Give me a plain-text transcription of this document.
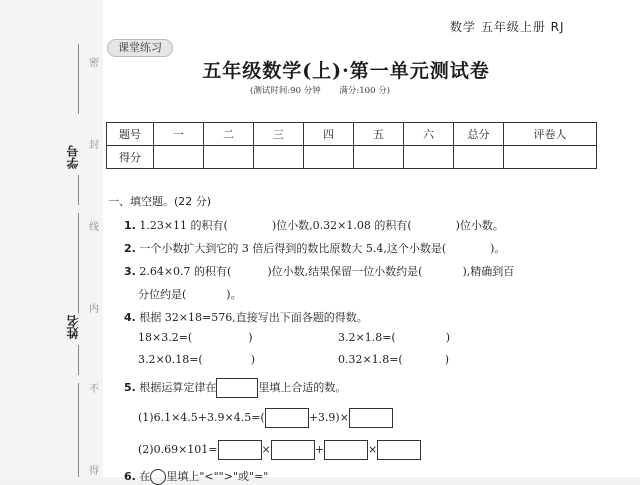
密
封
线
内
不
得
学号
姓名
数学 五年级上册 RJ
课堂练习
五年级数学(上)·第一单元测试卷
(测试时间:90 分钟 满分:100 分)
题号	一	二	三	四	五	六	总分	评卷人
得分								
一、填空题。(22 分)
1. 1.23×11 的积有(	)位小数,0.32×1.08 的积有(	)位小数。
2. 一个小数扩大到它的 3 倍后得到的数比原数大 5.4,这个小数是(	)。
3. 2.64×0.7 的积有(	)位小数,结果保留一位小数约是(	),精确到百
分位约是(	)。
4. 根据 32×18=576,直接写出下面各题的得数。
18×3.2=(	)	3.2×1.8=(	)
3.2×0.18=(	)	0.32×1.8=(	)
5. 根据运算定律在	里填上合适的数。
(1)6.1×4.5+3.9×4.5=(	+3.9)×
(2)0.69×101=	×	+	×
6. 在 里填上"<"">"或"="
